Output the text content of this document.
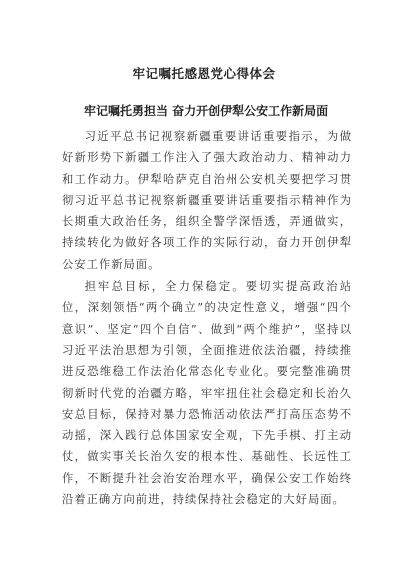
牢记嘱托感恩党心得体会
牢记嘱托勇担当 奋力开创伊犁公安工作新局面

习近平总书记视察新疆重要讲话重要指示，为做好新形势下新疆工作注入了强大政治动力、精神动力和工作动力。伊犁哈萨克自治州公安机关要把学习贯彻习近平总书记视察新疆重要讲话重要指示精神作为长期重大政治任务，组织全警学深悟透，弄通做实，持续转化为做好各项工作的实际行动，奋力开创伊犁公安工作新局面。

担牢总目标，全力保稳定。要切实提高政治站位，深刻领悟“两个确立”的决定性意义，增强“四个意识”、坚定“四个自信”、做到“两个维护”，坚持以习近平法治思想为引领，全面推进依法治疆，持续推进反恐维稳工作法治化常态化专业化。要完整准确贯彻新时代党的治疆方略，牢牢扭住社会稳定和长治久安总目标，保持对暴力恐怖活动依法严打高压态势不动摇，深入践行总体国家安全观，下先手棋、打主动仗，做实事关长治久安的根本性、基础性、长远性工作，不断提升社会治安治理水平，确保公安工作始终沿着正确方向前进，持续保持社会稳定的大好局面。
